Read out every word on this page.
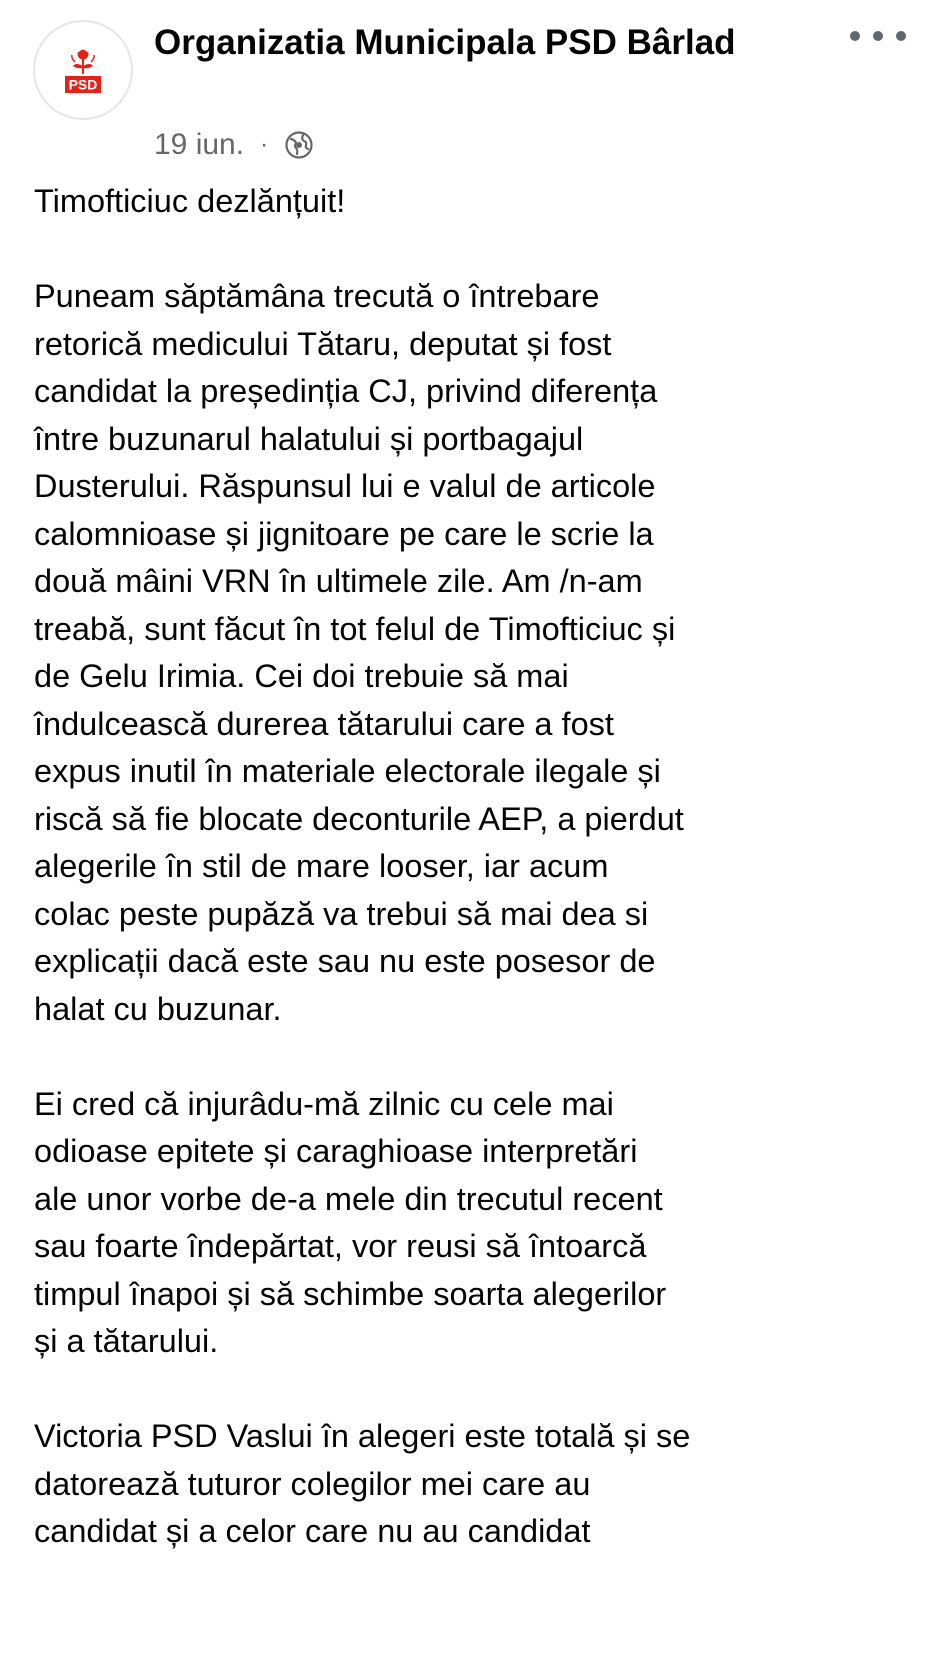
PSD
Organizatia Municipala PSD Bârlad
19 iun. ·

Timofticiuc dezlănțuit!

Puneam săptămâna trecută o întrebare
retorică medicului Tătaru, deputat și fost
candidat la președinția CJ, privind diferența
între buzunarul halatului și portbagajul
Dusterului. Răspunsul lui e valul de articole
calomnioase și jignitoare pe care le scrie la
două mâini VRN în ultimele zile. Am /n-am
treabă, sunt făcut în tot felul de Timofticiuc și
de Gelu Irimia. Cei doi trebuie să mai
îndulcească durerea tătarului care a fost
expus inutil în materiale electorale ilegale și
riscă să fie blocate deconturile AEP, a pierdut
alegerile în stil de mare looser, iar acum
colac peste pupăză va trebui să mai dea si
explicații dacă este sau nu este posesor de
halat cu buzunar.

Ei cred că injurâdu-mă zilnic cu cele mai
odioase epitete și caraghioase interpretări
ale unor vorbe de-a mele din trecutul recent
sau foarte îndepărtat, vor reusi să întoarcă
timpul înapoi și să schimbe soarta alegerilor
și a tătarului.

Victoria PSD Vaslui în alegeri este totală și se
datorează tuturor colegilor mei care au
candidat și a celor care nu au candidat
